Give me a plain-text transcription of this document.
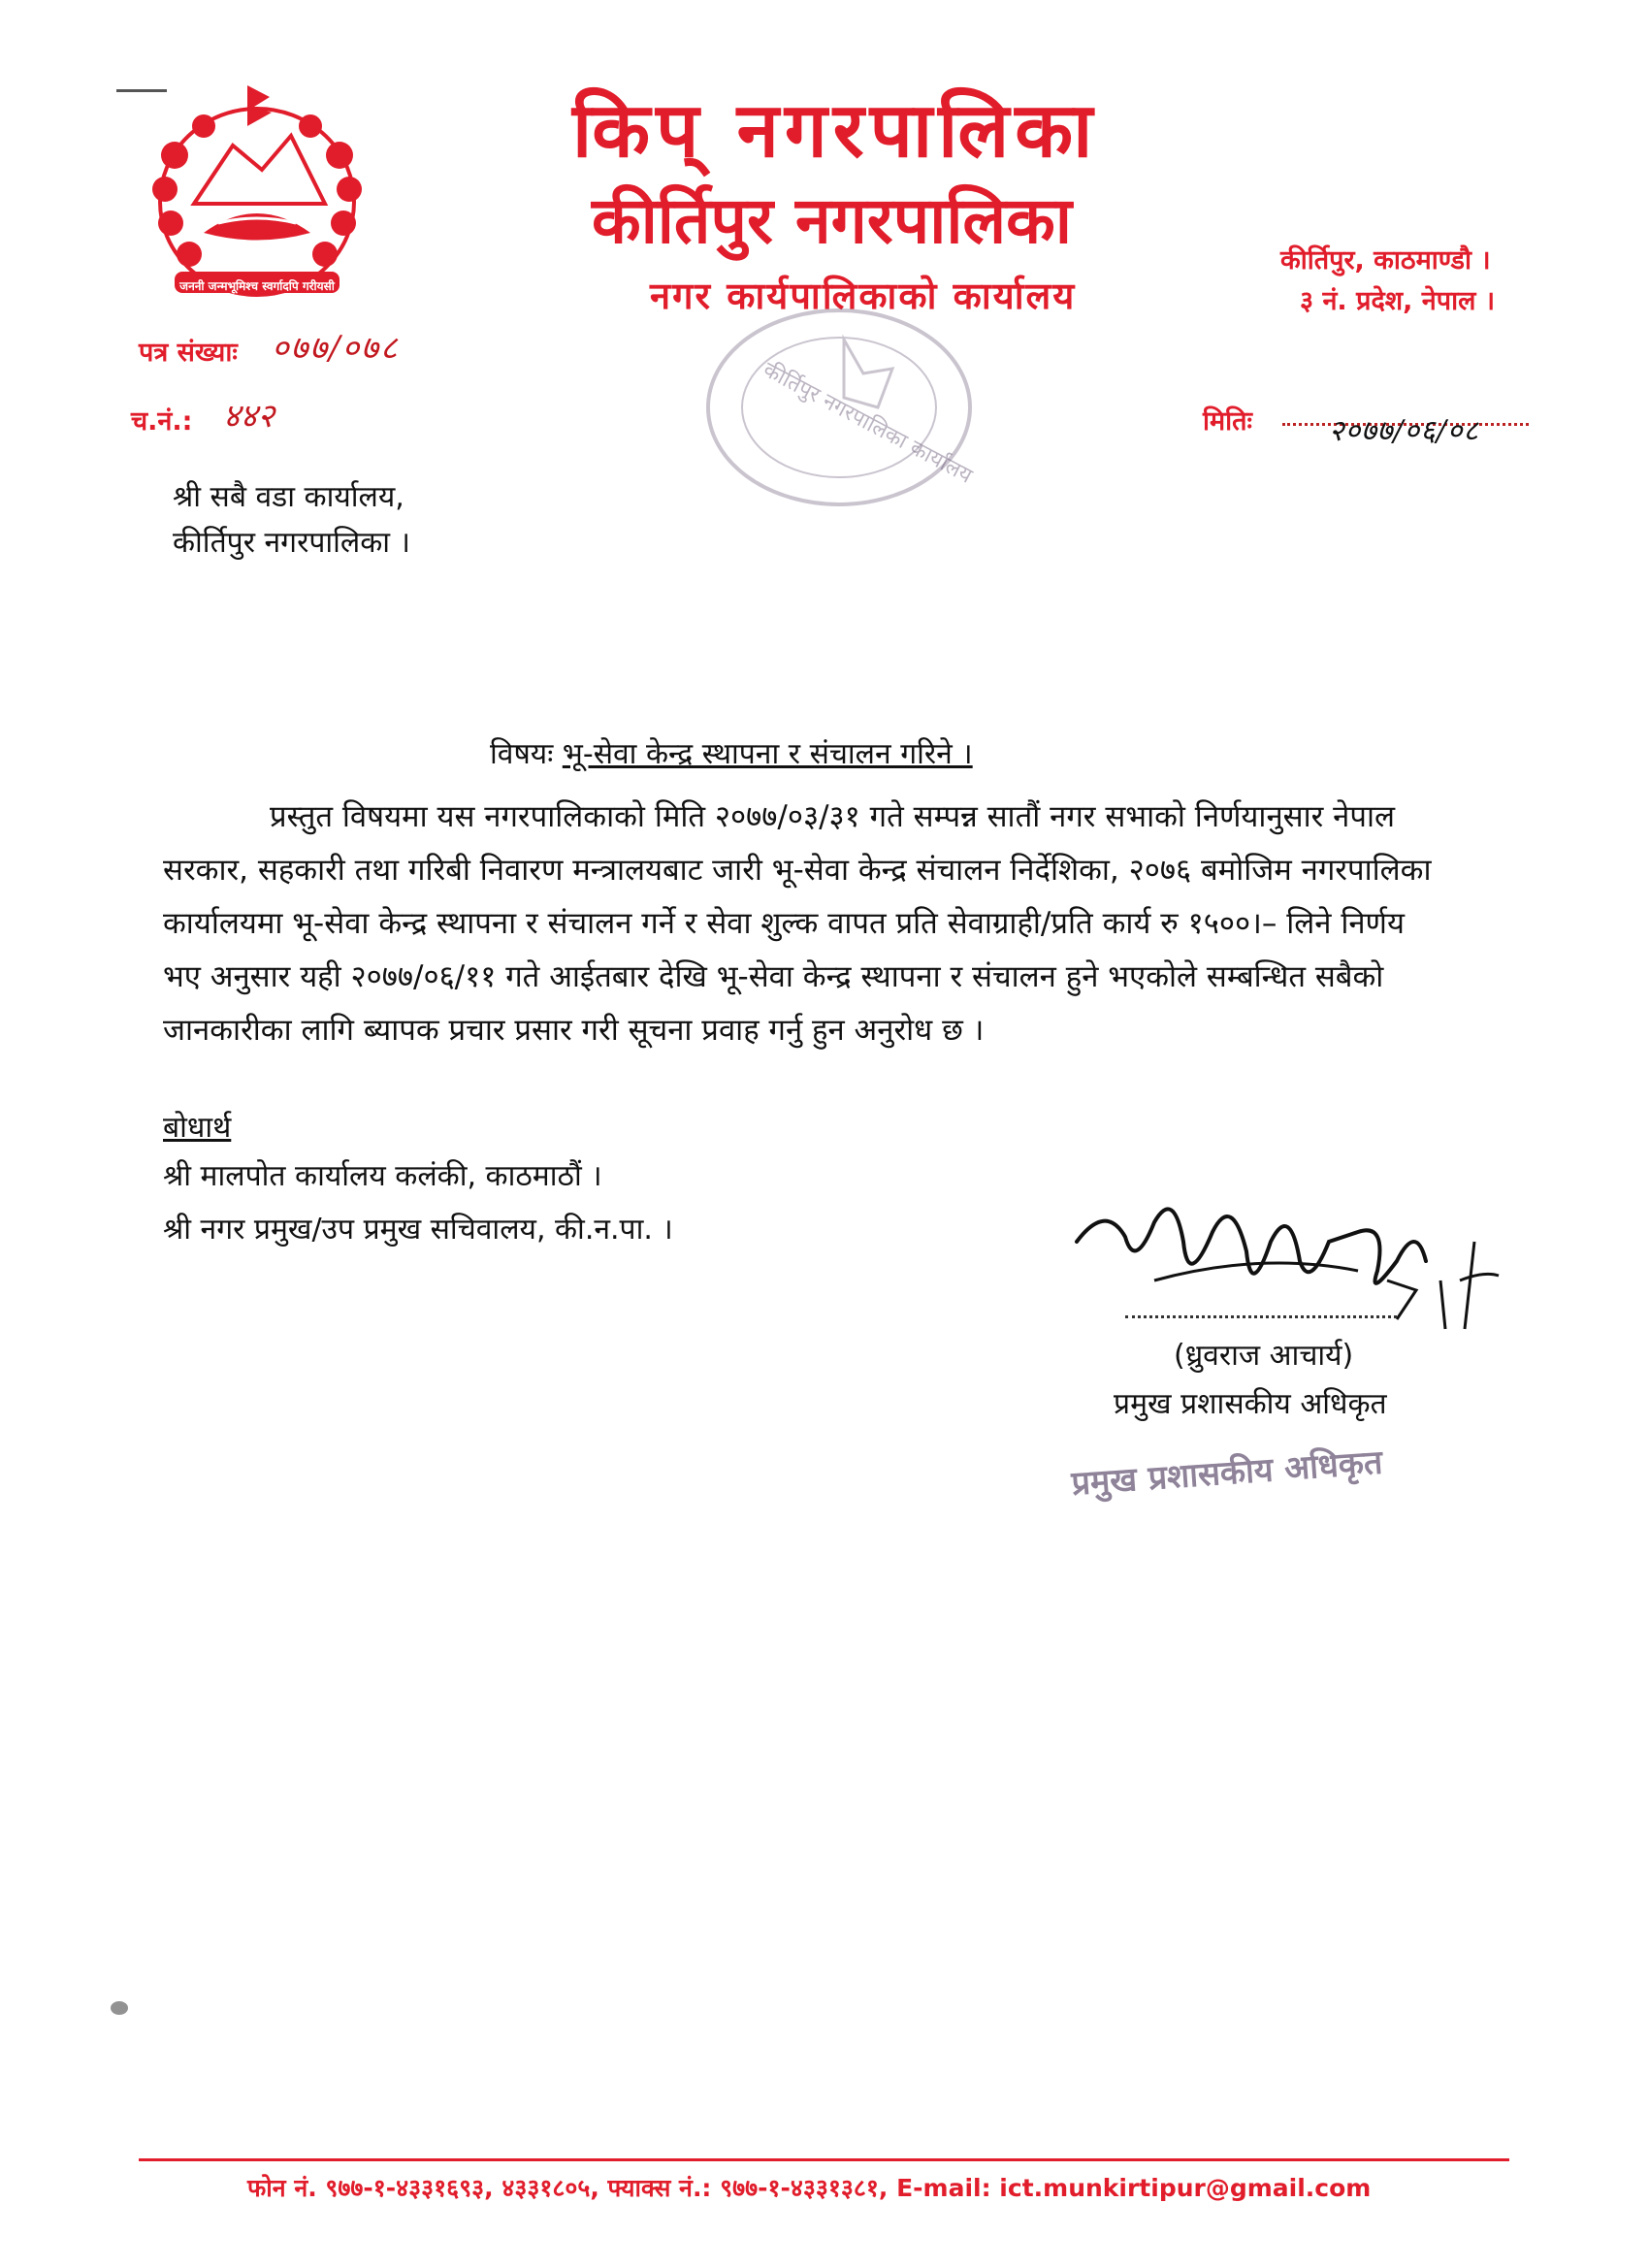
जननी जन्मभूमिश्च स्वर्गादपि गरीयसी
किप् नगरपालिका
कीर्तिपुर नगरपालिका
नगर कार्यपालिकाको कार्यालय
कीर्तिपुर, काठमाण्डौ ।
३ नं. प्रदेश, नेपाल ।
कीर्तिपुर नगरपालिका कार्यालय
पत्र संख्याः ०७७/०७८
च.नं.: ४४२	मितिः	२०७७/०६/०८
श्री सबै वडा कार्यालय,
कीर्तिपुर नगरपालिका ।
विषयः भू-सेवा केन्द्र स्थापना र संचालन गरिने ।
प्रस्तुत विषयमा यस नगरपालिकाको मिति २०७७/०३/३१ गते सम्पन्न सातौं नगर सभाको निर्णयानुसार नेपाल
सरकार, सहकारी तथा गरिबी निवारण मन्त्रालयबाट जारी भू-सेवा केन्द्र संचालन निर्देशिका, २०७६ बमोजिम नगरपालिका
कार्यालयमा भू-सेवा केन्द्र स्थापना र संचालन गर्ने र सेवा शुल्क वापत प्रति सेवाग्राही/प्रति कार्य रु १५००।– लिने निर्णय
भए अनुसार यही २०७७/०६/११ गते आईतबार देखि भू-सेवा केन्द्र स्थापना र संचालन हुने भएकोले सम्बन्धित सबैको
जानकारीका लागि ब्यापक प्रचार प्रसार गरी सूचना प्रवाह गर्नु हुन अनुरोध छ ।
बोधार्थ
श्री मालपोत कार्यालय कलंकी, काठमाठौं ।
श्री नगर प्रमुख/उप प्रमुख सचिवालय, की.न.पा. ।
(ध्रुवराज आचार्य)
प्रमुख प्रशासकीय अधिकृत
प्रमुख प्रशासकीय अधिकृत
फोन नं. ९७७-१-४३३१६९३, ४३३१८०५, फ्याक्स नं.: ९७७-१-४३३१३८१, E-mail: ict.munkirtipur@gmail.com
